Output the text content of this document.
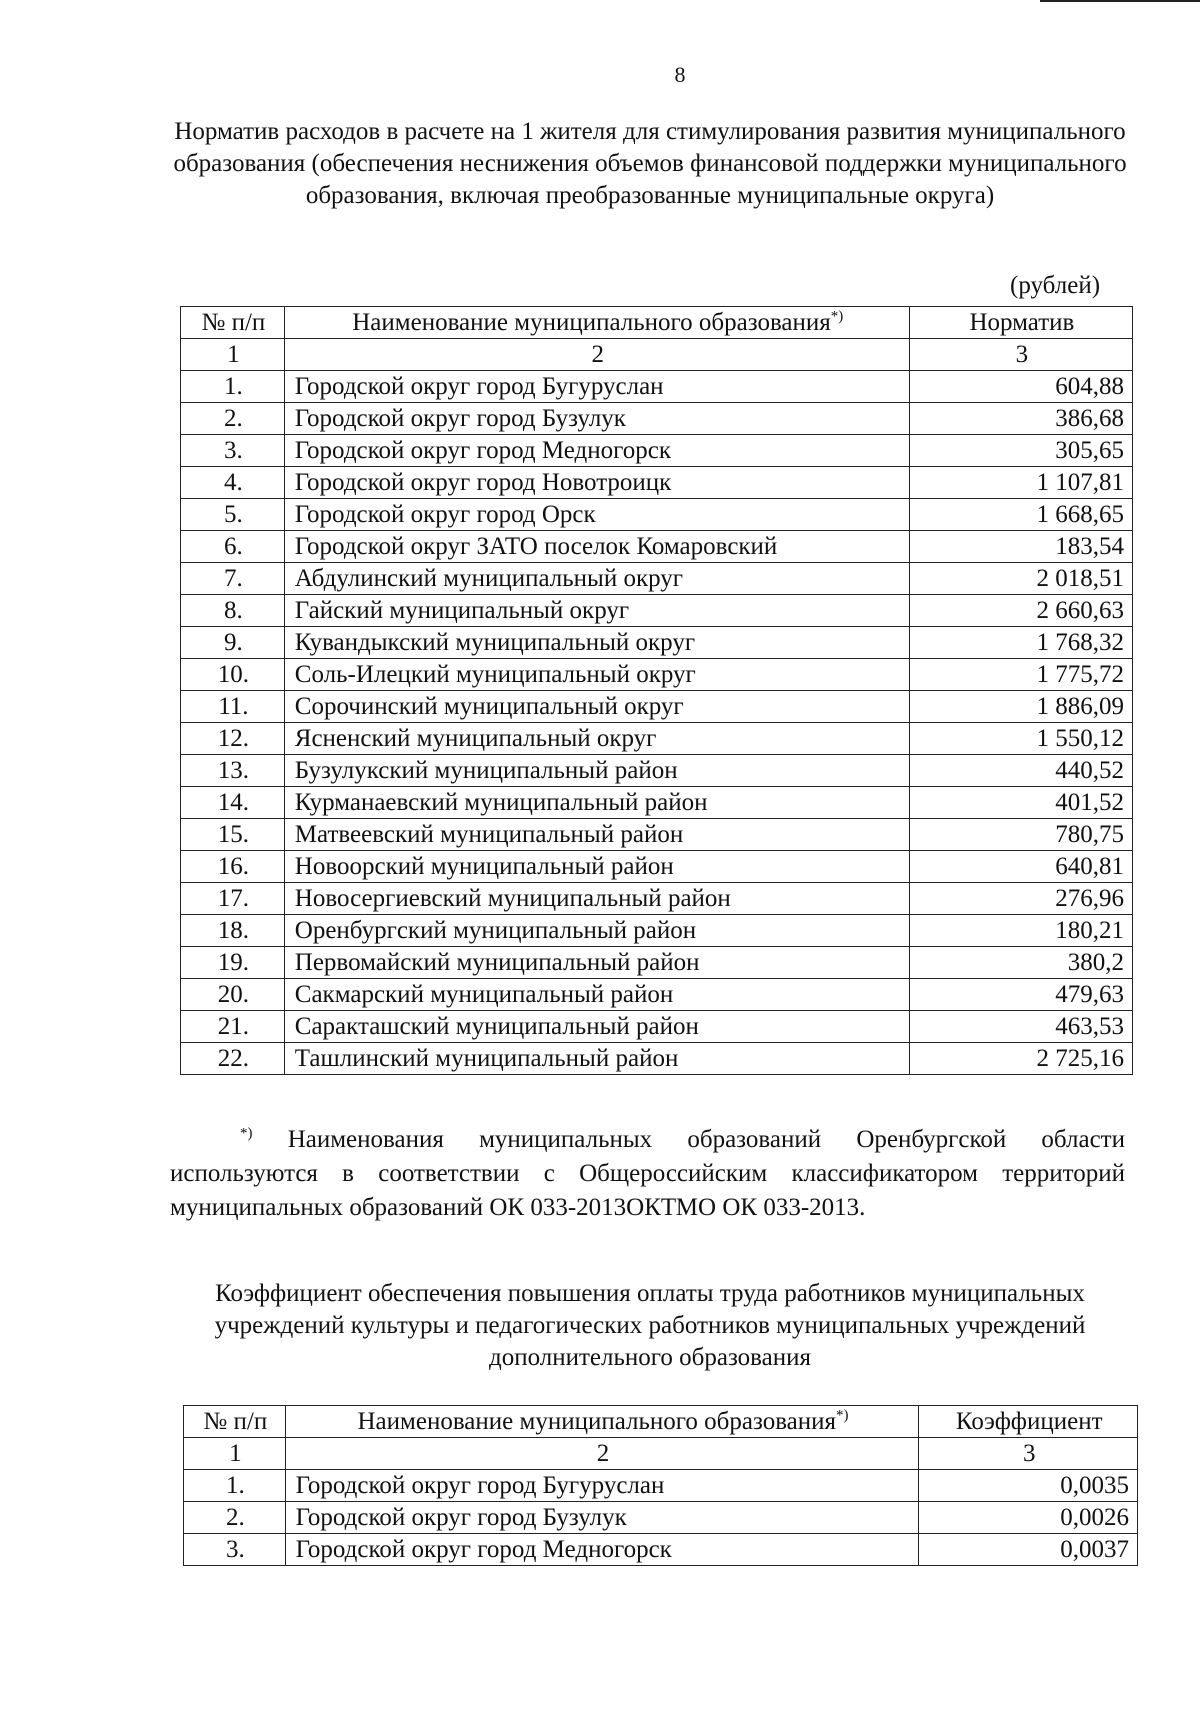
8
Норматив расходов в расчете на 1 жителя для стимулирования развития муниципального образования (обеспечения неснижения объемов финансовой поддержки муниципального образования, включая преобразованные муниципальные округа)
(рублей)
№ п/п	Наименование муниципального образования*)	Норматив
1	2	3
1.	Городской округ город Бугуруслан	604,88
2.	Городской округ город Бузулук	386,68
3.	Городской округ город Медногорск	305,65
4.	Городской округ город Новотроицк	1 107,81
5.	Городской округ город Орск	1 668,65
6.	Городской округ ЗАТО поселок Комаровский	183,54
7.	Абдулинский муниципальный округ	2 018,51
8.	Гайский муниципальный округ	2 660,63
9.	Кувандыкский муниципальный округ	1 768,32
10.	Соль-Илецкий муниципальный округ	1 775,72
11.	Сорочинский муниципальный округ	1 886,09
12.	Ясненский муниципальный округ	1 550,12
13.	Бузулукский муниципальный район	440,52
14.	Курманаевский муниципальный район	401,52
15.	Матвеевский муниципальный район	780,75
16.	Новоорский муниципальный район	640,81
17.	Новосергиевский муниципальный район	276,96
18.	Оренбургский муниципальный район	180,21
19.	Первомайский муниципальный район	380,2
20.	Сакмарский муниципальный район	479,63
21.	Саракташский муниципальный район	463,53
22.	Ташлинский муниципальный район	2 725,16
*) Наименования муниципальных образований Оренбургской области используются в соответствии с Общероссийским классификатором территорий муниципальных образований ОК 033-2013ОКТМО ОК 033-2013.
Коэффициент обеспечения повышения оплаты труда работников муниципальных учреждений культуры и педагогических работников муниципальных учреждений дополнительного образования
№ п/п	Наименование муниципального образования*)	Коэффициент
1	2	3
1.	Городской округ город Бугуруслан	0,0035
2.	Городской округ город Бузулук	0,0026
3.	Городской округ город Медногорск	0,0037
